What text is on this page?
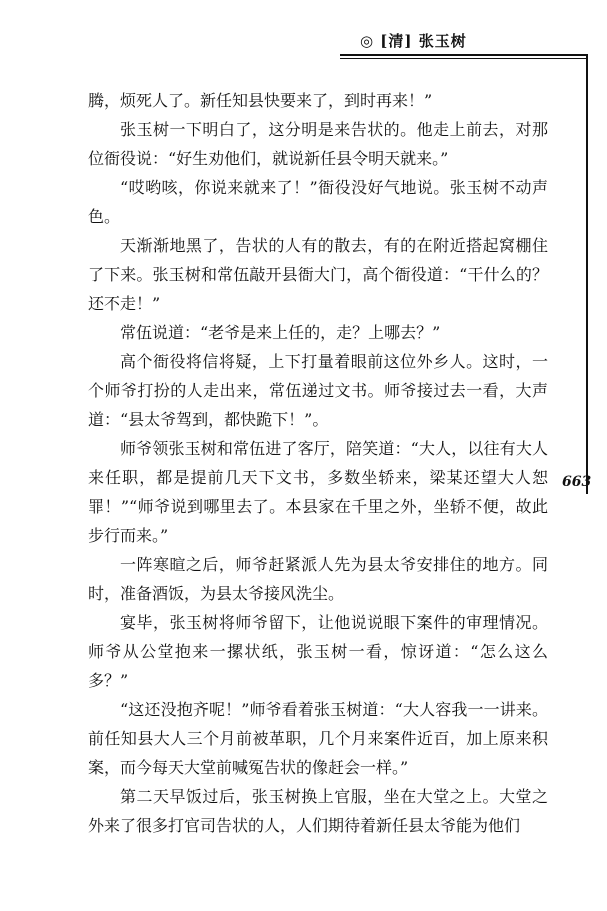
◎ [清] 张玉树
663

腾，烦死人了。新任知县快要来了，到时再来！”

张玉树一下明白了，这分明是来告状的。他走上前去，对那位衙役说：“好生劝他们，就说新任县令明天就来。”

“哎哟咳，你说来就来了！”衙役没好气地说。张玉树不动声色。

天渐渐地黑了，告状的人有的散去，有的在附近搭起窝棚住了下来。张玉树和常伍敲开县衙大门，高个衙役道：“干什么的？还不走！”

常伍说道：“老爷是来上任的，走？上哪去？”

高个衙役将信将疑，上下打量着眼前这位外乡人。这时，一个师爷打扮的人走出来，常伍递过文书。师爷接过去一看，大声道：“县太爷驾到，都快跪下！”。

师爷领张玉树和常伍进了客厅，陪笑道：“大人，以往有大人来任职，都是提前几天下文书，多数坐轿来，梁某还望大人恕罪！”“师爷说到哪里去了。本县家在千里之外，坐轿不便，故此步行而来。”

一阵寒暄之后，师爷赶紧派人先为县太爷安排住的地方。同时，准备酒饭，为县太爷接风洗尘。

宴毕，张玉树将师爷留下，让他说说眼下案件的审理情况。师爷从公堂抱来一摞状纸，张玉树一看，惊讶道：“怎么这么多？”

“这还没抱齐呢！”师爷看着张玉树道：“大人容我一一讲来。前任知县大人三个月前被革职，几个月来案件近百，加上原来积案，而今每天大堂前喊冤告状的像赶会一样。”

第二天早饭过后，张玉树换上官服，坐在大堂之上。大堂之外来了很多打官司告状的人，人们期待着新任县太爷能为他们
